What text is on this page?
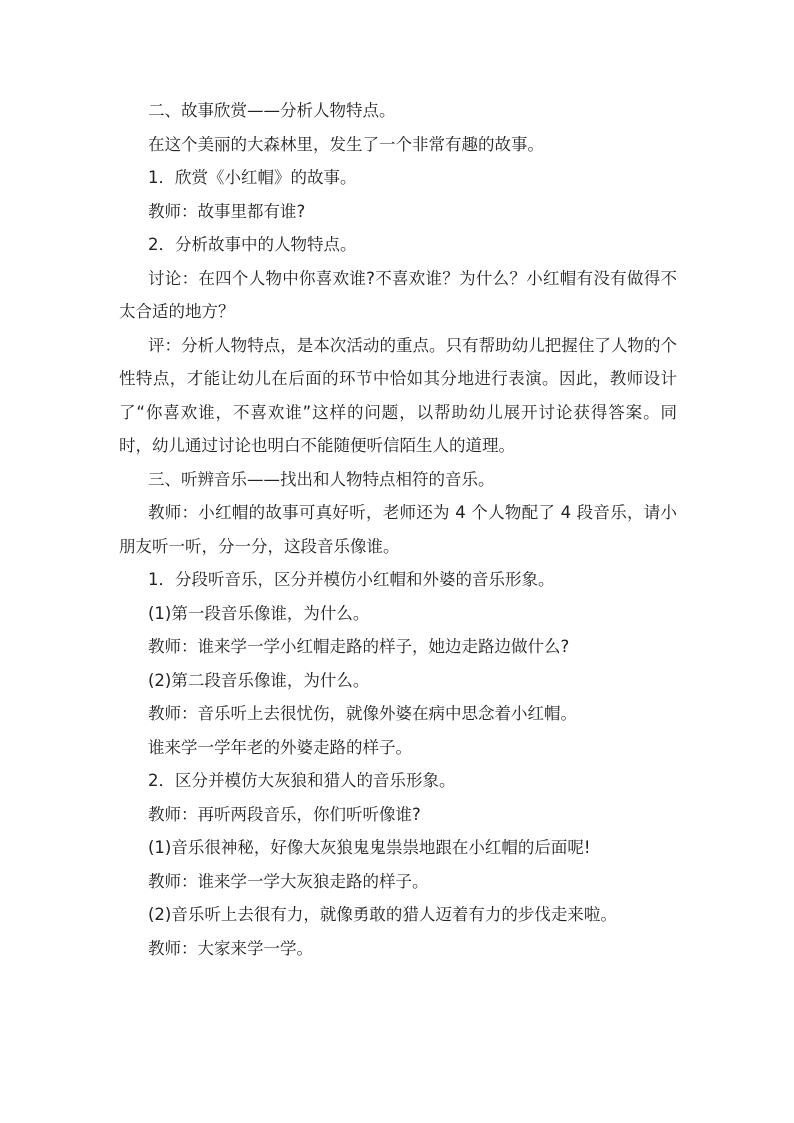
二、故事欣赏——分析人物特点。

在这个美丽的大森林里，发生了一个非常有趣的故事。

1．欣赏《小红帽》的故事。

教师：故事里都有谁?

2．分析故事中的人物特点。

讨论：在四个人物中你喜欢谁?不喜欢谁？为什么？小红帽有没有做得不太合适的地方？

评：分析人物特点，是本次活动的重点。只有帮助幼儿把握住了人物的个性特点，才能让幼儿在后面的环节中恰如其分地进行表演。因此，教师设计了“你喜欢谁，不喜欢谁”这样的问题，以帮助幼儿展开讨论获得答案。同时，幼儿通过讨论也明白不能随便听信陌生人的道理。

三、听辨音乐——找出和人物特点相符的音乐。

教师：小红帽的故事可真好听，老师还为 4 个人物配了 4 段音乐，请小朋友听一听，分一分，这段音乐像谁。

1．分段听音乐，区分并模仿小红帽和外婆的音乐形象。

(1)第一段音乐像谁，为什么。

教师：谁来学一学小红帽走路的样子，她边走路边做什么?

(2)第二段音乐像谁，为什么。

教师：音乐听上去很忧伤，就像外婆在病中思念着小红帽。

谁来学一学年老的外婆走路的样子。

2．区分并模仿大灰狼和猎人的音乐形象。

教师：再听两段音乐，你们听听像谁?

(1)音乐很神秘，好像大灰狼鬼鬼祟祟地跟在小红帽的后面呢!

教师：谁来学一学大灰狼走路的样子。

(2)音乐听上去很有力，就像勇敢的猎人迈着有力的步伐走来啦。

教师：大家来学一学。
